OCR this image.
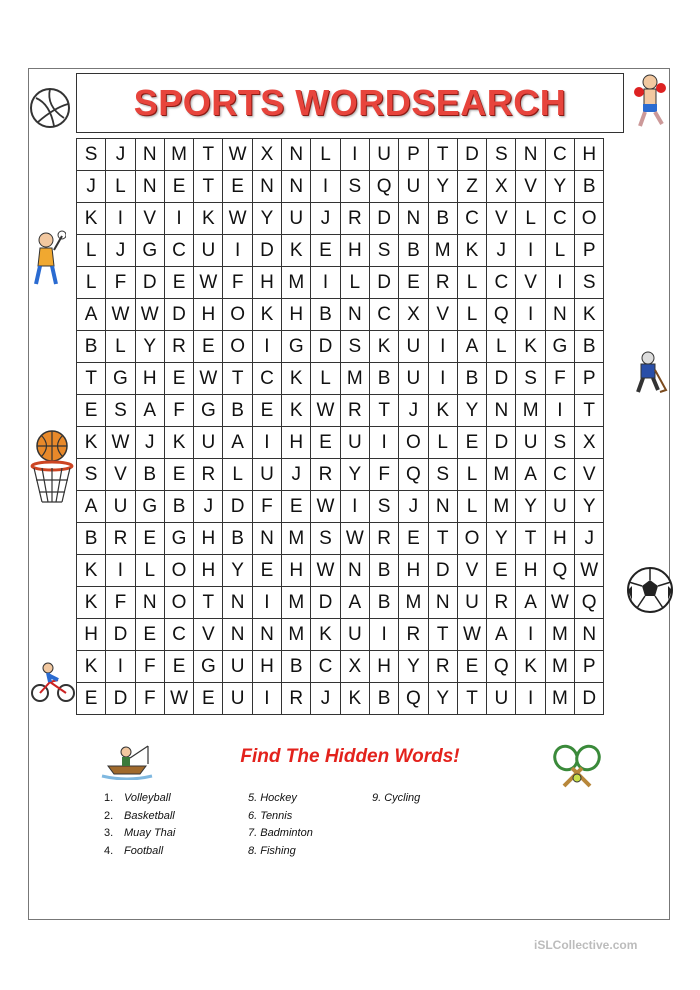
SPORTS WORDSEARCH
S	J	N	M	T	W	X	N	L	I	U	P	T	D	S	N	C	H
J	L	N	E	T	E	N	N	I	S	Q	U	Y	Z	X	V	Y	B
K	I	V	I	K	W	Y	U	J	R	D	N	B	C	V	L	C	O
L	J	G	C	U	I	D	K	E	H	S	B	M	K	J	I	L	P
L	F	D	E	W	F	H	M	I	L	D	E	R	L	C	V	I	S
A	W	W	D	H	O	K	H	B	N	C	X	V	L	Q	I	N	K
B	L	Y	R	E	O	I	G	D	S	K	U	I	A	L	K	G	B
T	G	H	E	W	T	C	K	L	M	B	U	I	B	D	S	F	P
E	S	A	F	G	B	E	K	W	R	T	J	K	Y	N	M	I	T
K	W	J	K	U	A	I	H	E	U	I	O	L	E	D	U	S	X
S	V	B	E	R	L	U	J	R	Y	F	Q	S	L	M	A	C	V
A	U	G	B	J	D	F	E	W	I	S	J	N	L	M	Y	U	Y
B	R	E	G	H	B	N	M	S	W	R	E	T	O	Y	T	H	J
K	I	L	O	H	Y	E	H	W	N	B	H	D	V	E	H	Q	W
K	F	N	O	T	N	I	M	D	A	B	M	N	U	R	A	W	Q
H	D	E	C	V	N	N	M	K	U	I	R	T	W	A	I	M	N
K	I	F	E	G	U	H	B	C	X	H	Y	R	E	Q	K	M	P
E	D	F	W	E	U	I	R	J	K	B	Q	Y	T	U	I	M	D
Find The Hidden Words!
1. Volleyball
2. Basketball
3. Muay Thai
4. Football
5. Hockey
6. Tennis
7. Badminton
8. Fishing
9. Cycling
iSLCollective.com
